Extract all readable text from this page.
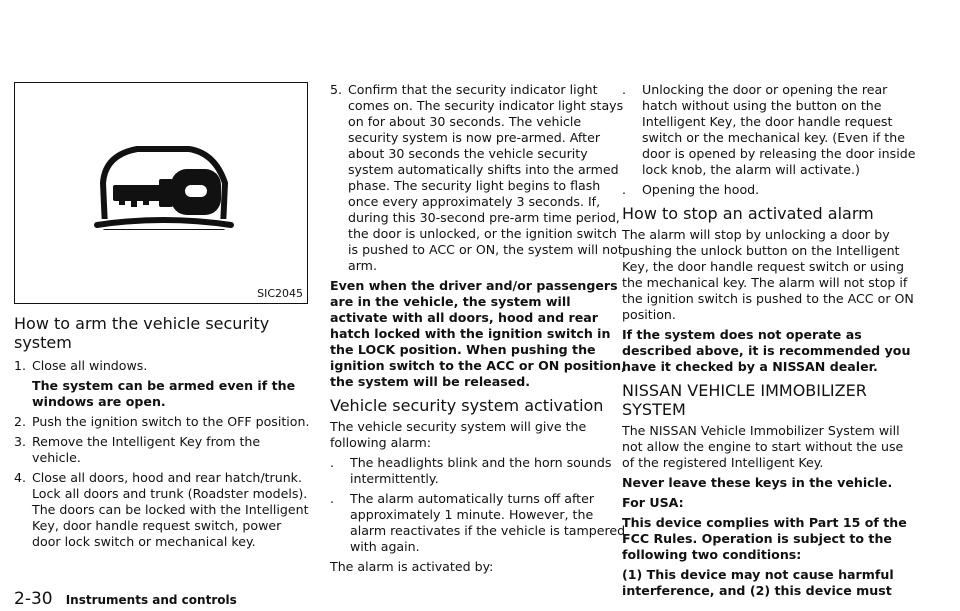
SIC2045
How to arm the vehicle security system
1. Close all windows.
The system can be armed even if the windows are open.
2. Push the ignition switch to the OFF position.
3. Remove the Intelligent Key from the vehicle.
4. Close all doors, hood and rear hatch/trunk. Lock all doors and trunk (Roadster models). The doors can be locked with the Intelligent Key, door handle request switch, power door lock switch or mechanical key.
5. Confirm that the security indicator light comes on. The security indicator light stays on for about 30 seconds. The vehicle security system is now pre-armed. After about 30 seconds the vehicle security system automatically shifts into the armed phase. The security light begins to flash once every approximately 3 seconds. If, during this 30-second pre-arm time period, the door is unlocked, or the ignition switch is pushed to ACC or ON, the system will not arm.

Even when the driver and/or passengers are in the vehicle, the system will activate with all doors, hood and rear hatch locked with the ignition switch in the LOCK position. When pushing the ignition switch to the ACC or ON position, the system will be released.

Vehicle security system activation

The vehicle security system will give the following alarm:

. The headlights blink and the horn sounds intermittently.
. The alarm automatically turns off after approximately 1 minute. However, the alarm reactivates if the vehicle is tampered with again.

The alarm is activated by:

. Unlocking the door or opening the rear hatch without using the button on the Intelligent Key, the door handle request switch or the mechanical key. (Even if the door is opened by releasing the door inside lock knob, the alarm will activate.)
. Opening the hood.
How to stop an activated alarm

The alarm will stop by unlocking a door by pushing the unlock button on the Intelligent Key, the door handle request switch or using the mechanical key. The alarm will not stop if the ignition switch is pushed to the ACC or ON position.

If the system does not operate as described above, it is recommended you have it checked by a NISSAN dealer.

NISSAN VEHICLE IMMOBILIZER SYSTEM

The NISSAN Vehicle Immobilizer System will not allow the engine to start without the use of the registered Intelligent Key.

Never leave these keys in the vehicle.

For USA:

This device complies with Part 15 of the FCC Rules. Operation is subject to the following two conditions:

(1) This device may not cause harmful interference, and (2) this device must

2-30 Instruments and controls
